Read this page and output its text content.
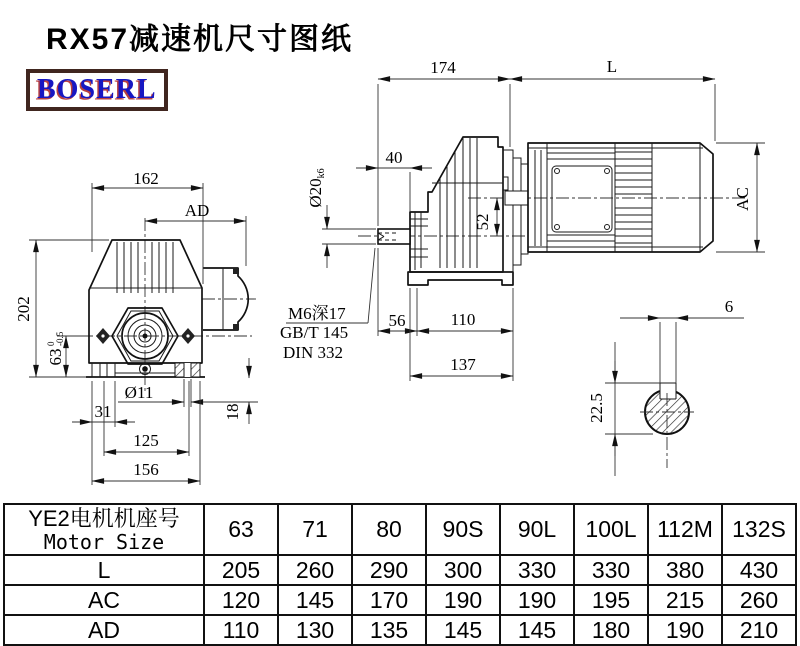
RX57减速机尺寸图纸
BOSERL
162
AD
202
63
0 -0.5
31
Ø11
125
156
18
174	L
40
Ø20k6
52
M6深17
GB/T 145
DIN 332
56	110
137
AC
6
22.5
YE2电机机座号
Motor Size	63	71	80	90S	90L	100L	112M	132S
L	205	260	290	300	330	330	380	430
AC	120	145	170	190	190	195	215	260
AD	110	130	135	145	145	180	190	210
